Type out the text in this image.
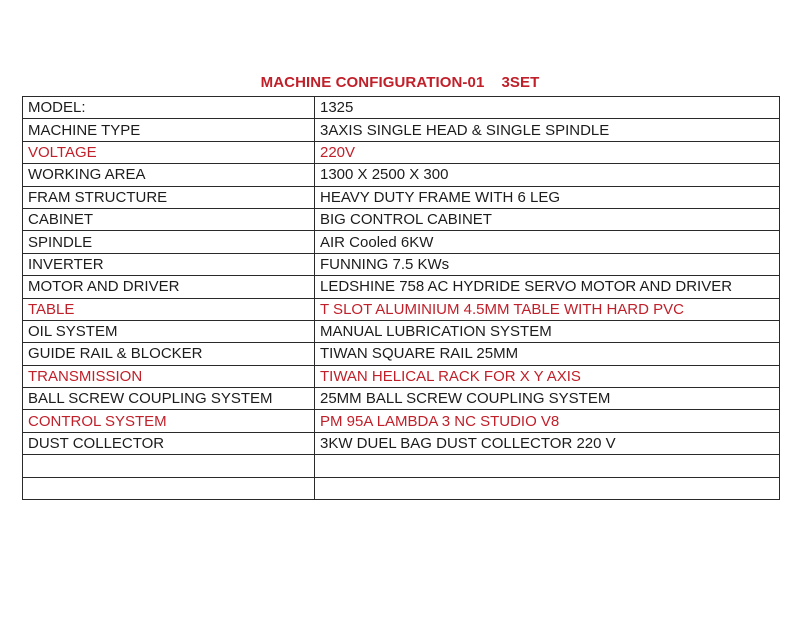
MACHINE CONFIGURATION-01    3SET
MODEL:	1325
MACHINE TYPE	3AXIS SINGLE HEAD & SINGLE SPINDLE
VOLTAGE	220V
WORKING AREA	1300 X 2500 X 300
FRAM STRUCTURE	HEAVY DUTY FRAME WITH 6 LEG
CABINET	BIG CONTROL CABINET
SPINDLE	AIR Cooled 6KW
INVERTER	FUNNING 7.5 KWs
MOTOR AND DRIVER	LEDSHINE 758 AC HYDRIDE SERVO MOTOR AND DRIVER
TABLE	T SLOT ALUMINIUM 4.5MM TABLE WITH HARD PVC
OIL SYSTEM	MANUAL LUBRICATION SYSTEM
GUIDE RAIL & BLOCKER	TIWAN SQUARE RAIL 25MM
TRANSMISSION	TIWAN HELICAL RACK FOR X Y AXIS
BALL SCREW COUPLING SYSTEM	25MM BALL SCREW COUPLING SYSTEM
CONTROL SYSTEM	PM 95A LAMBDA 3 NC STUDIO V8
DUST COLLECTOR	3KW DUEL BAG DUST COLLECTOR 220 V
